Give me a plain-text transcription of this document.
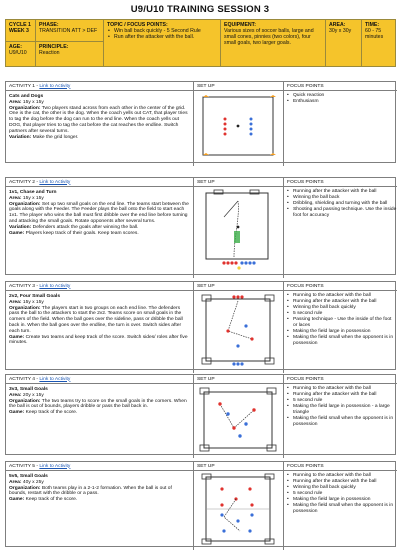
U9/U10 TRAINING SESSION 3
CYCLE 1
WEEK 3
AGE:
U9/U10
PHASE:
TRANSITION ATT > DEF
PRINCIPLE:
Reaction
TOPIC / FOCUS POINTS:
• Win ball back quickly - 5 Second Rule
• Run after the attacker with the ball.
EQUIPMENT:
Various sizes of soccer balls, large and small cones, pinnies (two colors), four small goals, two larger goals.
AREA:
30y x 30y
TIME:
60 - 75 minutes
ACTIVITY 1 - Link to Activity
Cats and Dogs
Area: 15y x 15y
Organization: Two players stand across from each other in the center of the grid. One is the cat, the other is the dog. When the coach yells out CAT, that player tries to tag the dog before the dog can run to the end line. When the coach yells out DOG, that player tries to tag the cat before the cat reaches the endline. Switch partners after several turns.
Variation: Make the grid longer.
SET UP	FOCUS POINTS
• Quick reaction
• Enthusiasm
ACTIVITY 2 - Link to Activity
1v1, Chase and Turn
Area: 15y x 15y
Organization: Set up two small goals on the end line. The teams start between the goals along with the Feeder. The Feeder plays the ball onto the field to start each 1v1. The player who wins the ball must first dribble over the end line before turning and attacking the small goals. Rotate opponents after several turns.
Variation: Defenders attack the goals after winning the ball.
Game: Players keep track of their goals. Keep team scores.
SET UP	FOCUS POINTS
• Running after the attacker with the ball
• Winning the ball back
• Dribbling, shielding and turning with the ball
• Shooting and passing technique. Use the inside foot for accuracy
ACTIVITY 3 - Link to Activity
2v2, Four Small Goals
Area: 15y x 15y
Organization: The players start in two groups on each end line. The defenders pass the ball to the attackers to start the 2v2. Teams score on small goals in the corners of the field. When the ball goes over the sideline, pass or dribble the ball back in. When the ball goes over the endline, the turn is over. Switch sides after each turn.
Game: Create two teams and keep track of the score. Switch sides/ roles after five minutes.
SET UP	FOCUS POINTS
• Running to the attacker with the ball
• Running after the attacker with the ball
• Winning the ball back quickly
• 5 second rule
• Passing technique - Use the inside of the foot or laces
• Making the field large in possession
• Making the field small when the opponent is in possession
ACTIVITY 4 - Link to Activity
3v3, Small Goals
Area: 20y x 15y
Organization: The two teams try to score on the small goals in the corners. When the ball is out of bounds, players dribble or pass the ball back in.
Game: Keep track of the score.
SET UP	FOCUS POINTS
• Running to the attacker with the ball
• Running after the attacker with the ball
• 5 second rule
• Making the field large in possession - a large triangle
• Making the field small when the opponent is in possession
ACTIVITY 5 - Link to Activity
5v5, Small Goals
Area: 40y x 25y
Organization: Both teams play in a 2-1-2 formation. When the ball is out of bounds, restart with the dribble or a pass.
Game: Keep track of the score.
SET UP	FOCUS POINTS
• Running to the attacker with the ball
• Running after the attacker with the ball
• Winning the ball back quickly
• 5 second rule
• Making the field large in possession
• Making the field small when the opponent is in possession
